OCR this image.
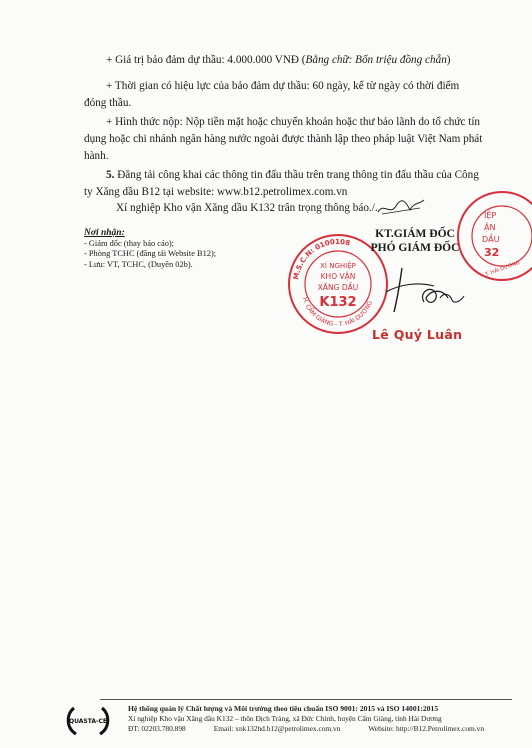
+ Giá trị bảo đảm dự thầu: 4.000.000 VNĐ (Bằng chữ: Bốn triệu đồng chẵn)
+ Thời gian có hiệu lực của bảo đảm dự thầu: 60 ngày, kể từ ngày có thời điểm
đóng thầu.
+ Hình thức nộp: Nộp tiền mặt hoặc chuyển khoản hoặc thư bảo lãnh do tổ chức tín
dụng hoặc chi nhánh ngân hàng nước ngoài được thành lập theo pháp luật Việt Nam phát
hành.
5. Đăng tải công khai các thông tin đấu thầu trên trang thông tin đấu thầu của Công
ty Xăng dầu B12 tại website: www.b12.petrolimex.com.vn
Xí nghiệp Kho vận Xăng dầu K132 trân trọng thông báo./.
Nơi nhận:
- Giám đốc (thay báo cáo);
- Phòng TCHC (đăng tải Website B12);
- Lưu: VT, TCHC, (Duyên 02b).
IỆP
ẬN
DẦU
32
T. HẢI DƯƠNG
M.S.C.N: 0100108
H. CẨM GIÀNG - T. HẢI DƯƠNG
XÍ NGHIỆP
KHO VẬN
XĂNG DẦU
K132
KT.GIÁM ĐỐC
PHÓ GIÁM ĐỐC
Lê Quý Luân
QUASTA-CE
Hệ thống quản lý Chất lượng và Môi trường theo tiêu chuẩn ISO 9001: 2015 và ISO 14001:2015
Xí nghiệp Kho vận Xăng dầu K132 – thôn Địch Tràng, xã Đức Chính, huyện Cẩm Giàng, tỉnh Hải Dương
ĐT: 02203.780.898	Email: xnk132hd.b12@petrolimex.com.vn	Website: http://B12.Petrolimex.com.vn
